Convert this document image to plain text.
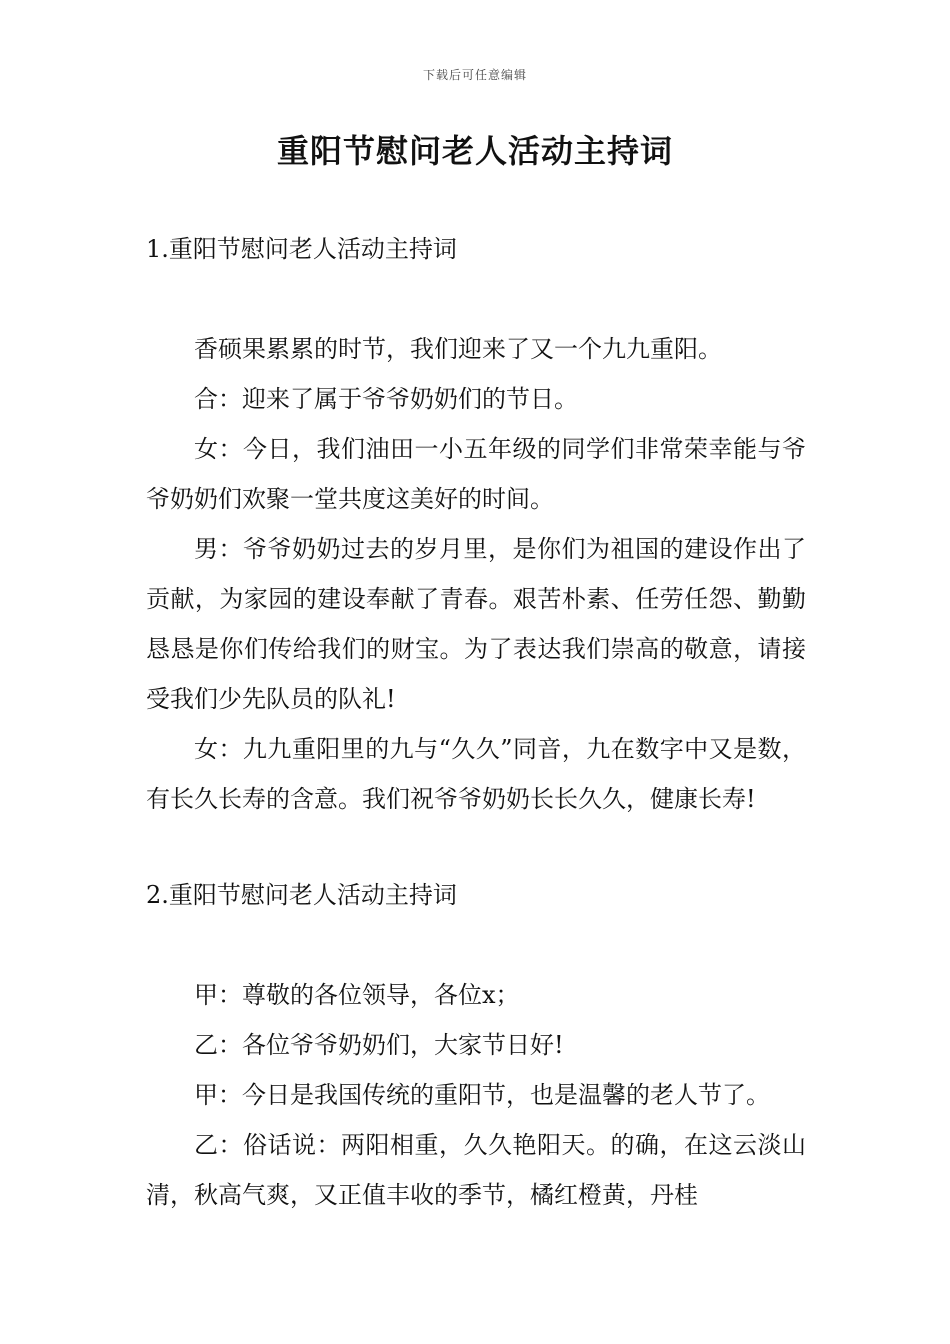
下载后可任意编辑
重阳节慰问老人活动主持词
1.重阳节慰问老人活动主持词

香硕果累累的时节，我们迎来了又一个九九重阳。

合：迎来了属于爷爷奶奶们的节日。

女：今日，我们油田一小五年级的同学们非常荣幸能与爷爷奶奶们欢聚一堂共度这美好的时间。

男：爷爷奶奶过去的岁月里，是你们为祖国的建设作出了贡献，为家园的建设奉献了青春。艰苦朴素、任劳任怨、勤勤恳恳是你们传给我们的财宝。为了表达我们崇高的敬意，请接受我们少先队员的队礼!

女：九九重阳里的九与“久久”同音，九在数字中又是数，有长久长寿的含意。我们祝爷爷奶奶长长久久，健康长寿!

2.重阳节慰问老人活动主持词

甲：尊敬的各位领导，各位x；

乙：各位爷爷奶奶们，大家节日好!

甲：今日是我国传统的重阳节，也是温馨的老人节了。

乙：俗话说：两阳相重，久久艳阳天。的确，在这云淡山清，秋高气爽，又正值丰收的季节，橘红橙黄，丹桂
